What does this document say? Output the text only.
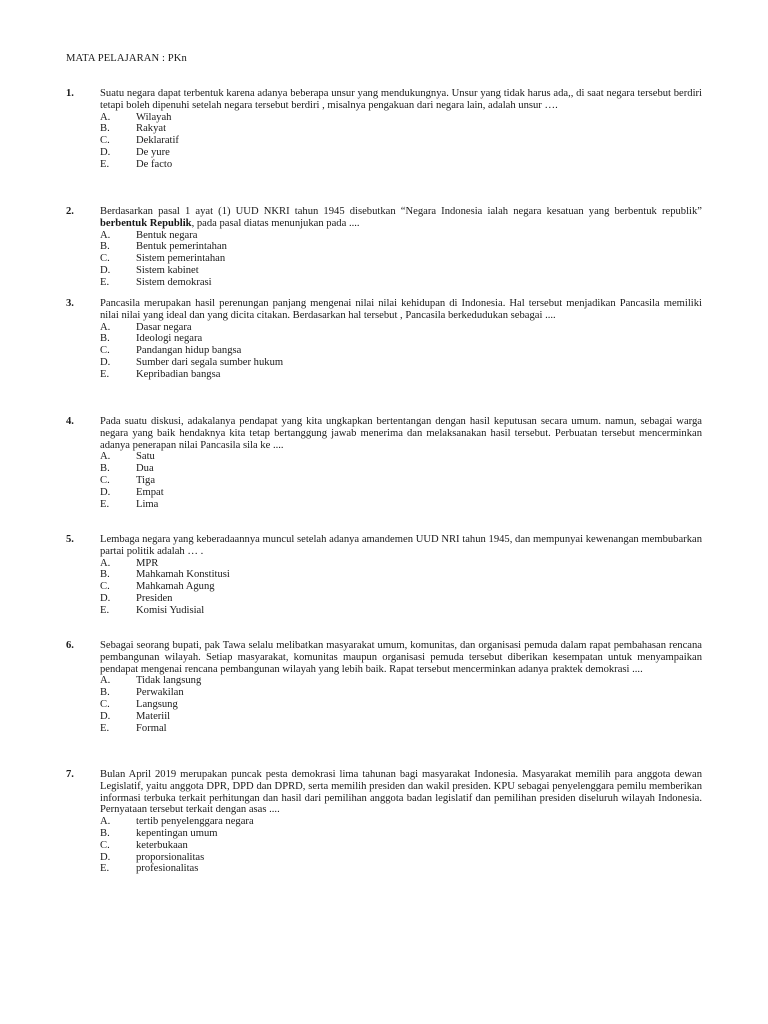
MATA PELAJARAN : PKn
1.	Suatu negara dapat terbentuk karena adanya beberapa unsur yang mendukungnya. Unsur yang tidak harus ada,, di saat negara tersebut berdiri tetapi boleh dipenuhi setelah negara tersebut berdiri , misalnya pengakuan dari negara lain, adalah unsur ….
A.	Wilayah
B.	Rakyat
C.	Deklaratif
D.	De yure
E.	De facto
2.	Berdasarkan pasal 1 ayat (1) UUD NKRI tahun 1945 disebutkan “Negara Indonesia ialah negara kesatuan yang berbentuk republik” berbentuk Republik, pada pasal diatas menunjukan pada ....
A.	Bentuk negara
B.	Bentuk pemerintahan
C.	Sistem pemerintahan
D.	Sistem kabinet
E.	Sistem demokrasi
3.	Pancasila merupakan hasil perenungan panjang mengenai nilai nilai kehidupan di Indonesia. Hal tersebut menjadikan Pancasila memiliki nilai nilai yang ideal dan yang dicita citakan. Berdasarkan hal tersebut , Pancasila berkedudukan sebagai ....
A.	Dasar negara
B.	Ideologi negara
C.	Pandangan hidup bangsa
D.	Sumber dari segala sumber hukum
E.	Kepribadian bangsa
4.	Pada suatu diskusi, adakalanya pendapat yang kita ungkapkan bertentangan dengan hasil keputusan secara umum. namun, sebagai warga negara yang baik hendaknya kita tetap bertanggung jawab menerima dan melaksanakan hasil tersebut. Perbuatan tersebut mencerminkan adanya penerapan nilai Pancasila sila ke ....
A.	Satu
B.	Dua
C.	Tiga
D.	Empat
E.	Lima
5.	Lembaga negara yang keberadaannya muncul setelah adanya amandemen UUD NRI tahun 1945, dan mempunyai kewenangan membubarkan partai politik adalah … .
A.	MPR
B.	Mahkamah Konstitusi
C.	Mahkamah Agung
D.	Presiden
E.	Komisi Yudisial
6.	Sebagai seorang bupati, pak Tawa selalu melibatkan masyarakat umum, komunitas, dan organisasi pemuda dalam rapat pembahasan rencana pembangunan wilayah. Setiap masyarakat, komunitas maupun organisasi pemuda tersebut diberikan kesempatan untuk menyampaikan pendapat mengenai rencana pembangunan wilayah yang lebih baik. Rapat tersebut mencerminkan adanya praktek demokrasi ....
A.	Tidak langsung
B.	Perwakilan
C.	Langsung
D.	Materiil
E.	Formal
7.	Bulan April 2019 merupakan puncak pesta demokrasi lima tahunan bagi masyarakat Indonesia. Masyarakat memilih para anggota dewan Legislatif, yaitu anggota DPR, DPD dan DPRD, serta memilih presiden dan wakil presiden. KPU sebagai penyelenggara pemilu memberikan informasi terbuka terkait perhitungan dan hasil dari pemilihan anggota badan legislatif dan pemilihan presiden diseluruh wilayah Indonesia. Pernyataan tersebut terkait dengan asas ....
A.	tertib penyelenggara negara
B.	kepentingan umum
C.	keterbukaan
D.	proporsionalitas
E.	profesionalitas
